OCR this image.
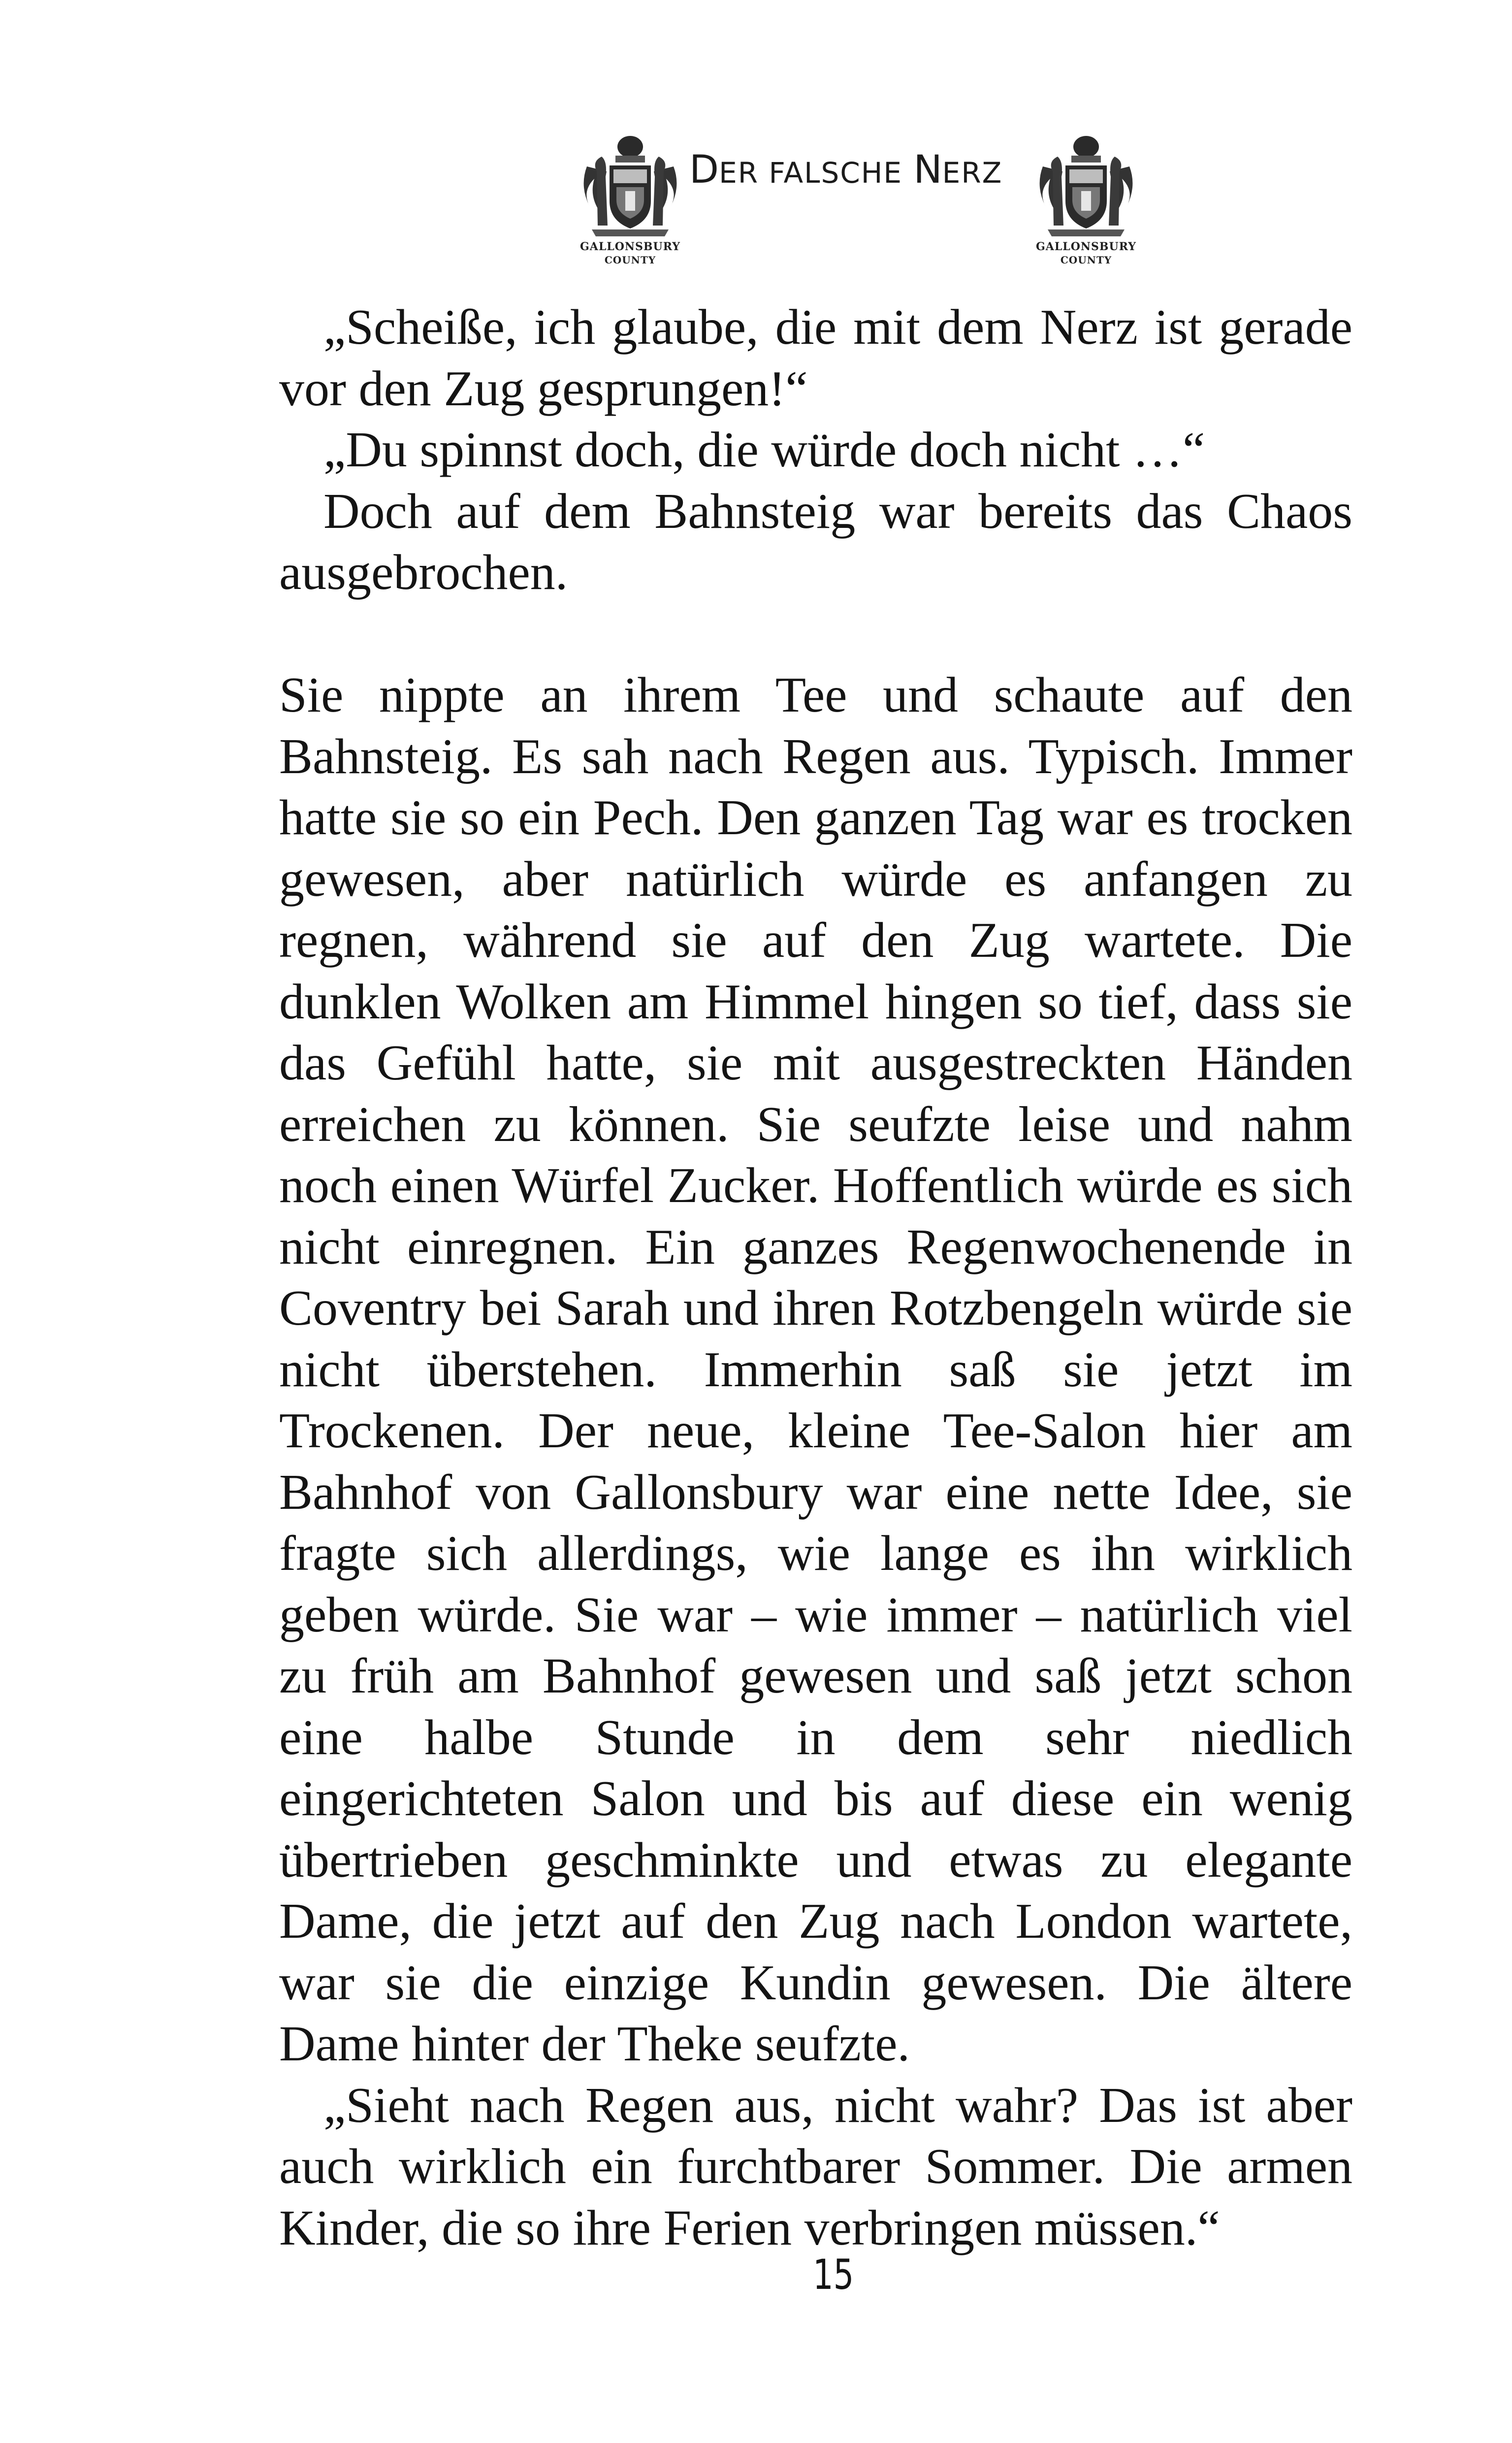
GALLONSBURY
COUNTY
DER FALSCHE NERZ
GALLONSBURY
COUNTY

„Scheiße, ich glaube, die mit dem Nerz ist gerade vor den Zug gesprungen!“

„Du spinnst doch, die würde doch nicht …“

Doch auf dem Bahnsteig war bereits das Chaos ausgebrochen.

Sie nippte an ihrem Tee und schaute auf den Bahnsteig. Es sah nach Regen aus. Typisch. Immer hatte sie so ein Pech. Den ganzen Tag war es trocken gewesen, aber natürlich würde es anfangen zu regnen, während sie auf den Zug wartete. Die dunklen Wolken am Himmel hingen so tief, dass sie das Gefühl hatte, sie mit ausgestreckten Händen erreichen zu können. Sie seufzte leise und nahm noch einen Würfel Zucker. Hoffentlich würde es sich nicht einregnen. Ein ganzes Regenwochenende in Coventry bei Sarah und ihren Rotzbengeln würde sie nicht überstehen. Immerhin saß sie jetzt im Trockenen. Der neue, kleine Tee-Salon hier am Bahnhof von Gallonsbury war eine nette Idee, sie fragte sich allerdings, wie lange es ihn wirklich geben würde. Sie war – wie immer – natürlich viel zu früh am Bahnhof gewesen und saß jetzt schon eine halbe Stunde in dem sehr niedlich eingerichteten Salon und bis auf diese ein wenig übertrieben geschminkte und etwas zu elegante Dame, die jetzt auf den Zug nach London wartete, war sie die einzige Kundin gewesen. Die ältere Dame hinter der Theke seufzte.

„Sieht nach Regen aus, nicht wahr? Das ist aber auch wirklich ein furchtbarer Sommer. Die armen Kinder, die so ihre Ferien verbringen müssen.“

15
